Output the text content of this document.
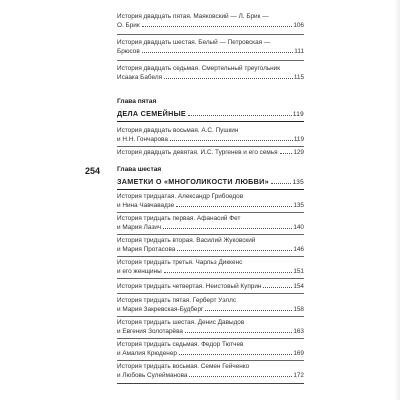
254
История двадцать пятая. Маяковский — Л. Брик —
О. Брик	106
История двадцать шестая. Белый — Петровская —
Брюсов	111
История двадцать седьмая. Смертельный треугольник
Исаака Бабеля	115
Глава пятая
ДЕЛА СЕМЕЙНЫЕ	119
История двадцать восьмая. А.С. Пушкин
и Н.Н. Гончарова	119
История двадцать девятая. И.С. Тургенев и его семья 129
Глава шестая
ЗАМЕТКИ О «МНОГОЛИКОСТИ ЛЮБВИ»	135
История тридцатая. Александр Грибоедов
и Нина Чавчавадзе	135
История тридцать первая. Афанасий Фет
и Мария Лазич	140
История тридцать вторая. Василий Жуковский
и Мария Протасова	146
История тридцать третья. Чарльз Диккенс
и его женщины	151
История тридцать четвертая. Неистовый Куприн	154
История тридцать пятая. Герберт Уэллс
и Мария Закревская-Будберг	158
История тридцать шестая. Денис Давыдов
и Евгения Золотарёва	163
История тридцать седьмая. Федор Тютчев
и Амалия Крюденер	169
История тридцать восьмая. Семен Гейченко
и Любовь Сулейманова	172
